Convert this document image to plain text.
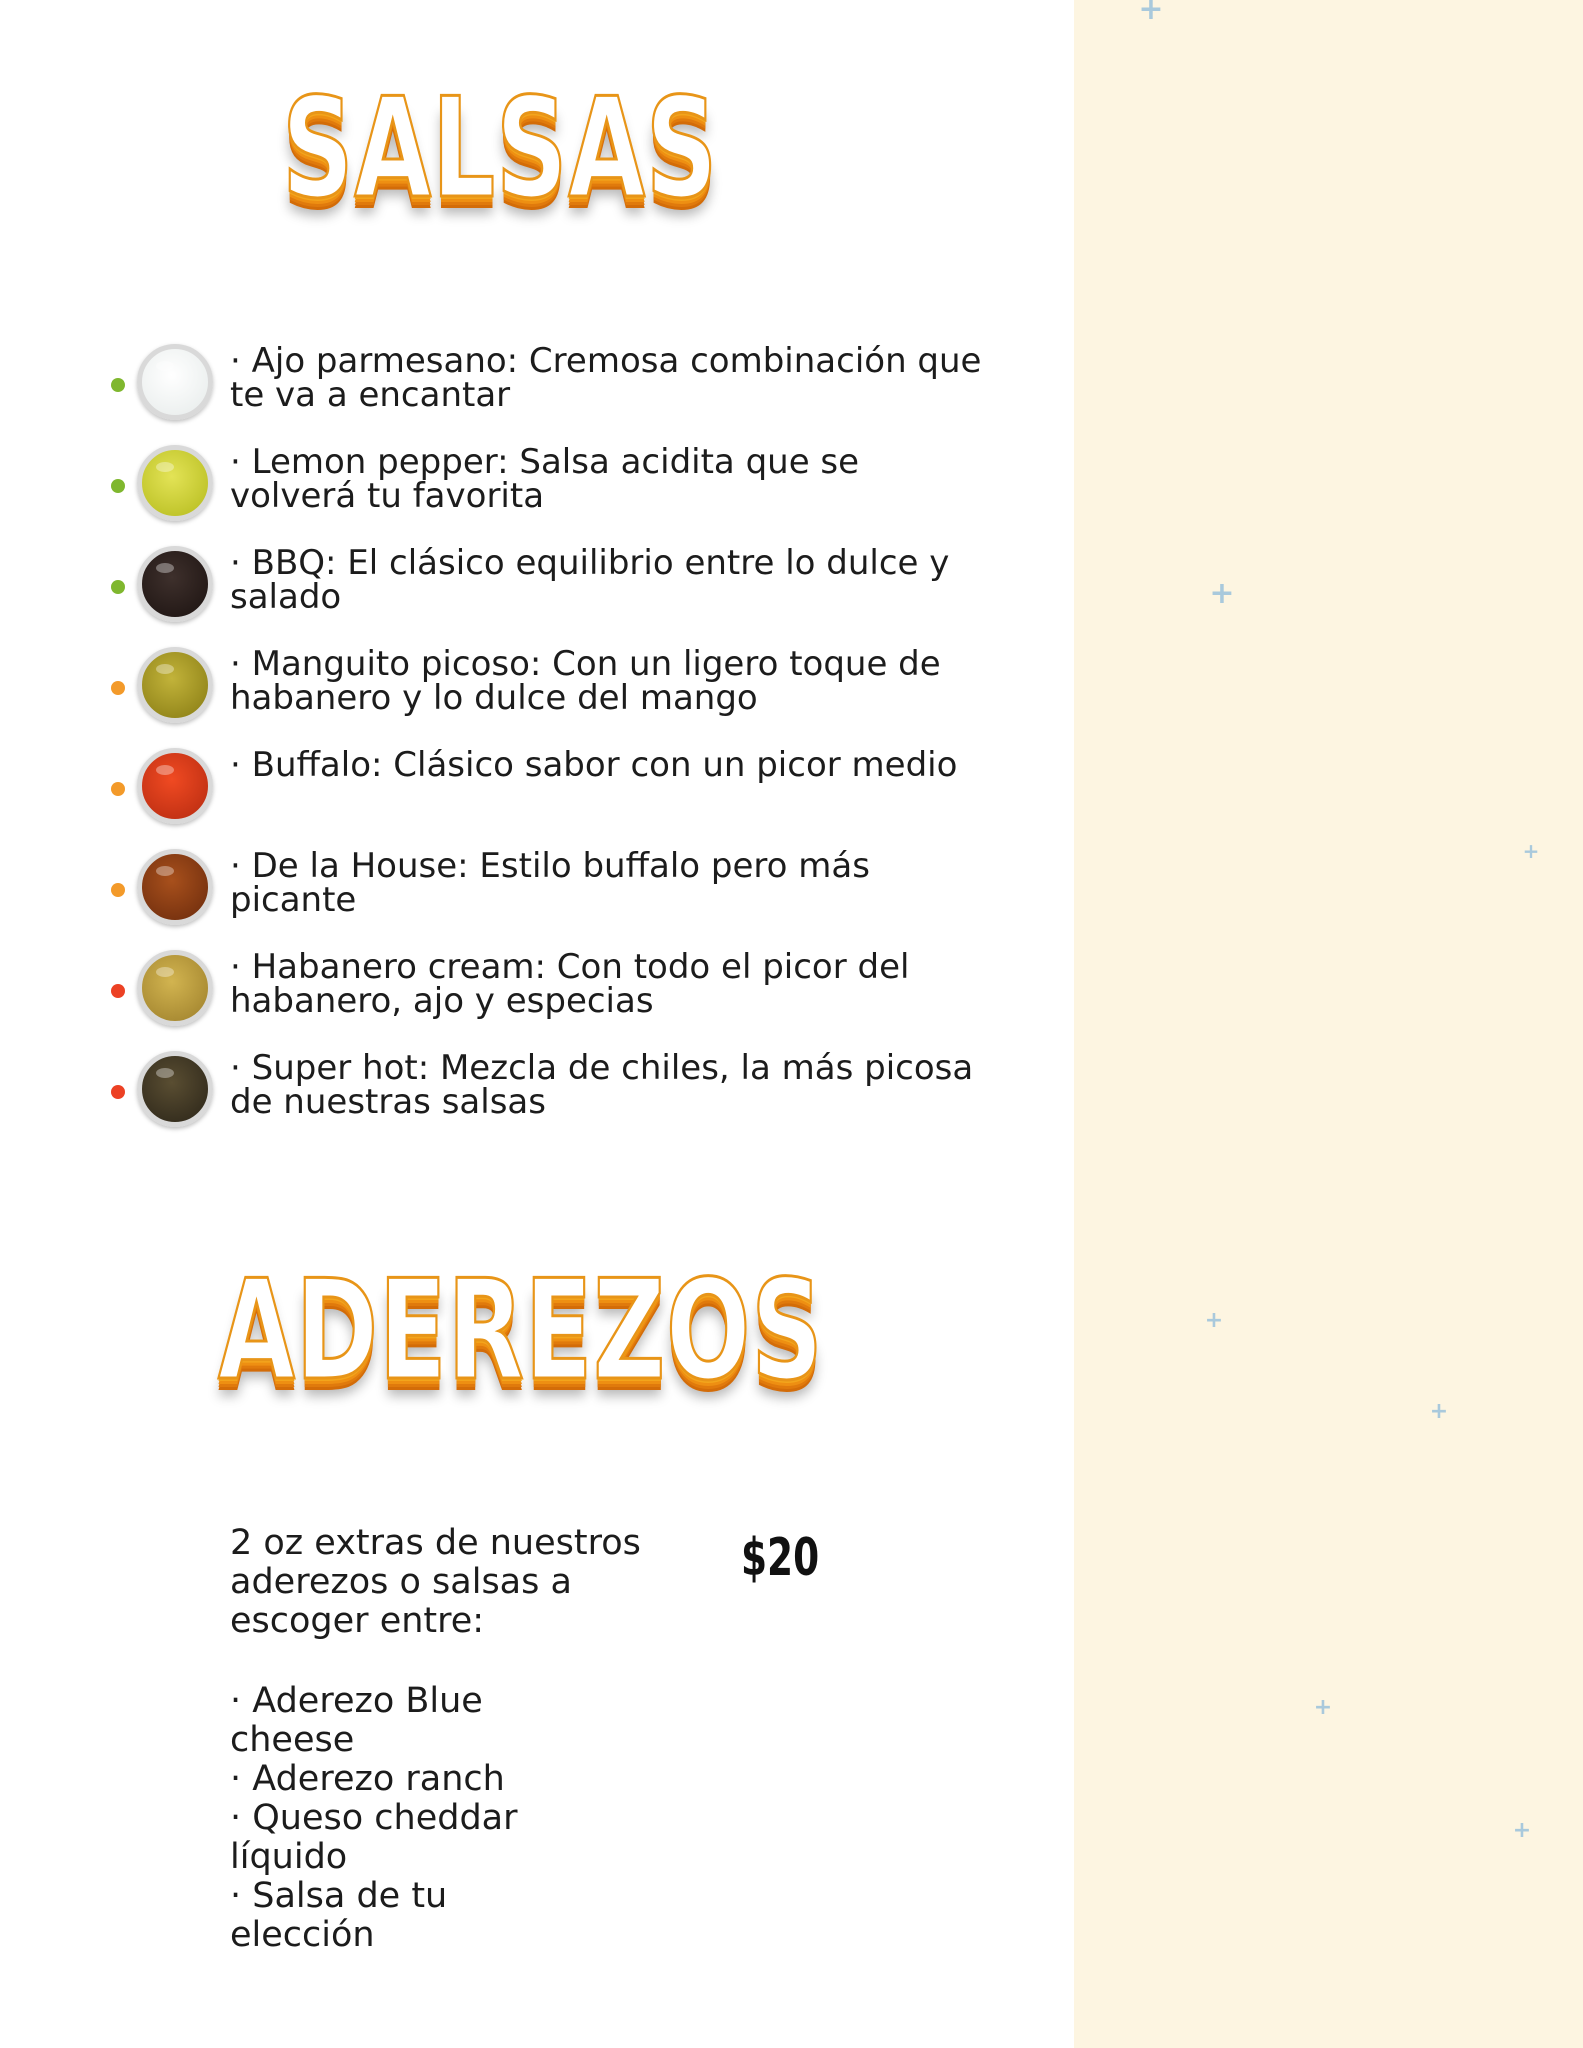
+
+
+
+
+
+
+
SALSAS

· Ajo parmesano: Cremosa combinación que te va a encantar

· Lemon pepper: Salsa acidita que se volverá tu favorita

· BBQ: El clásico equilibrio entre lo dulce y salado

· Manguito picoso: Con un ligero toque de habanero y lo dulce del mango

· Buffalo: Clásico sabor con un picor medio

· De la House: Estilo buffalo pero más picante

· Habanero cream: Con todo el picor del habanero, ajo y especias

· Super hot: Mezcla de chiles, la más picosa de nuestras salsas

ADEREZOS

2 oz extras de nuestros aderezos o salsas a escoger entre:

$20

· Aderezo Blue cheese
· Aderezo ranch
· Queso cheddar líquido
· Salsa de tu elección
